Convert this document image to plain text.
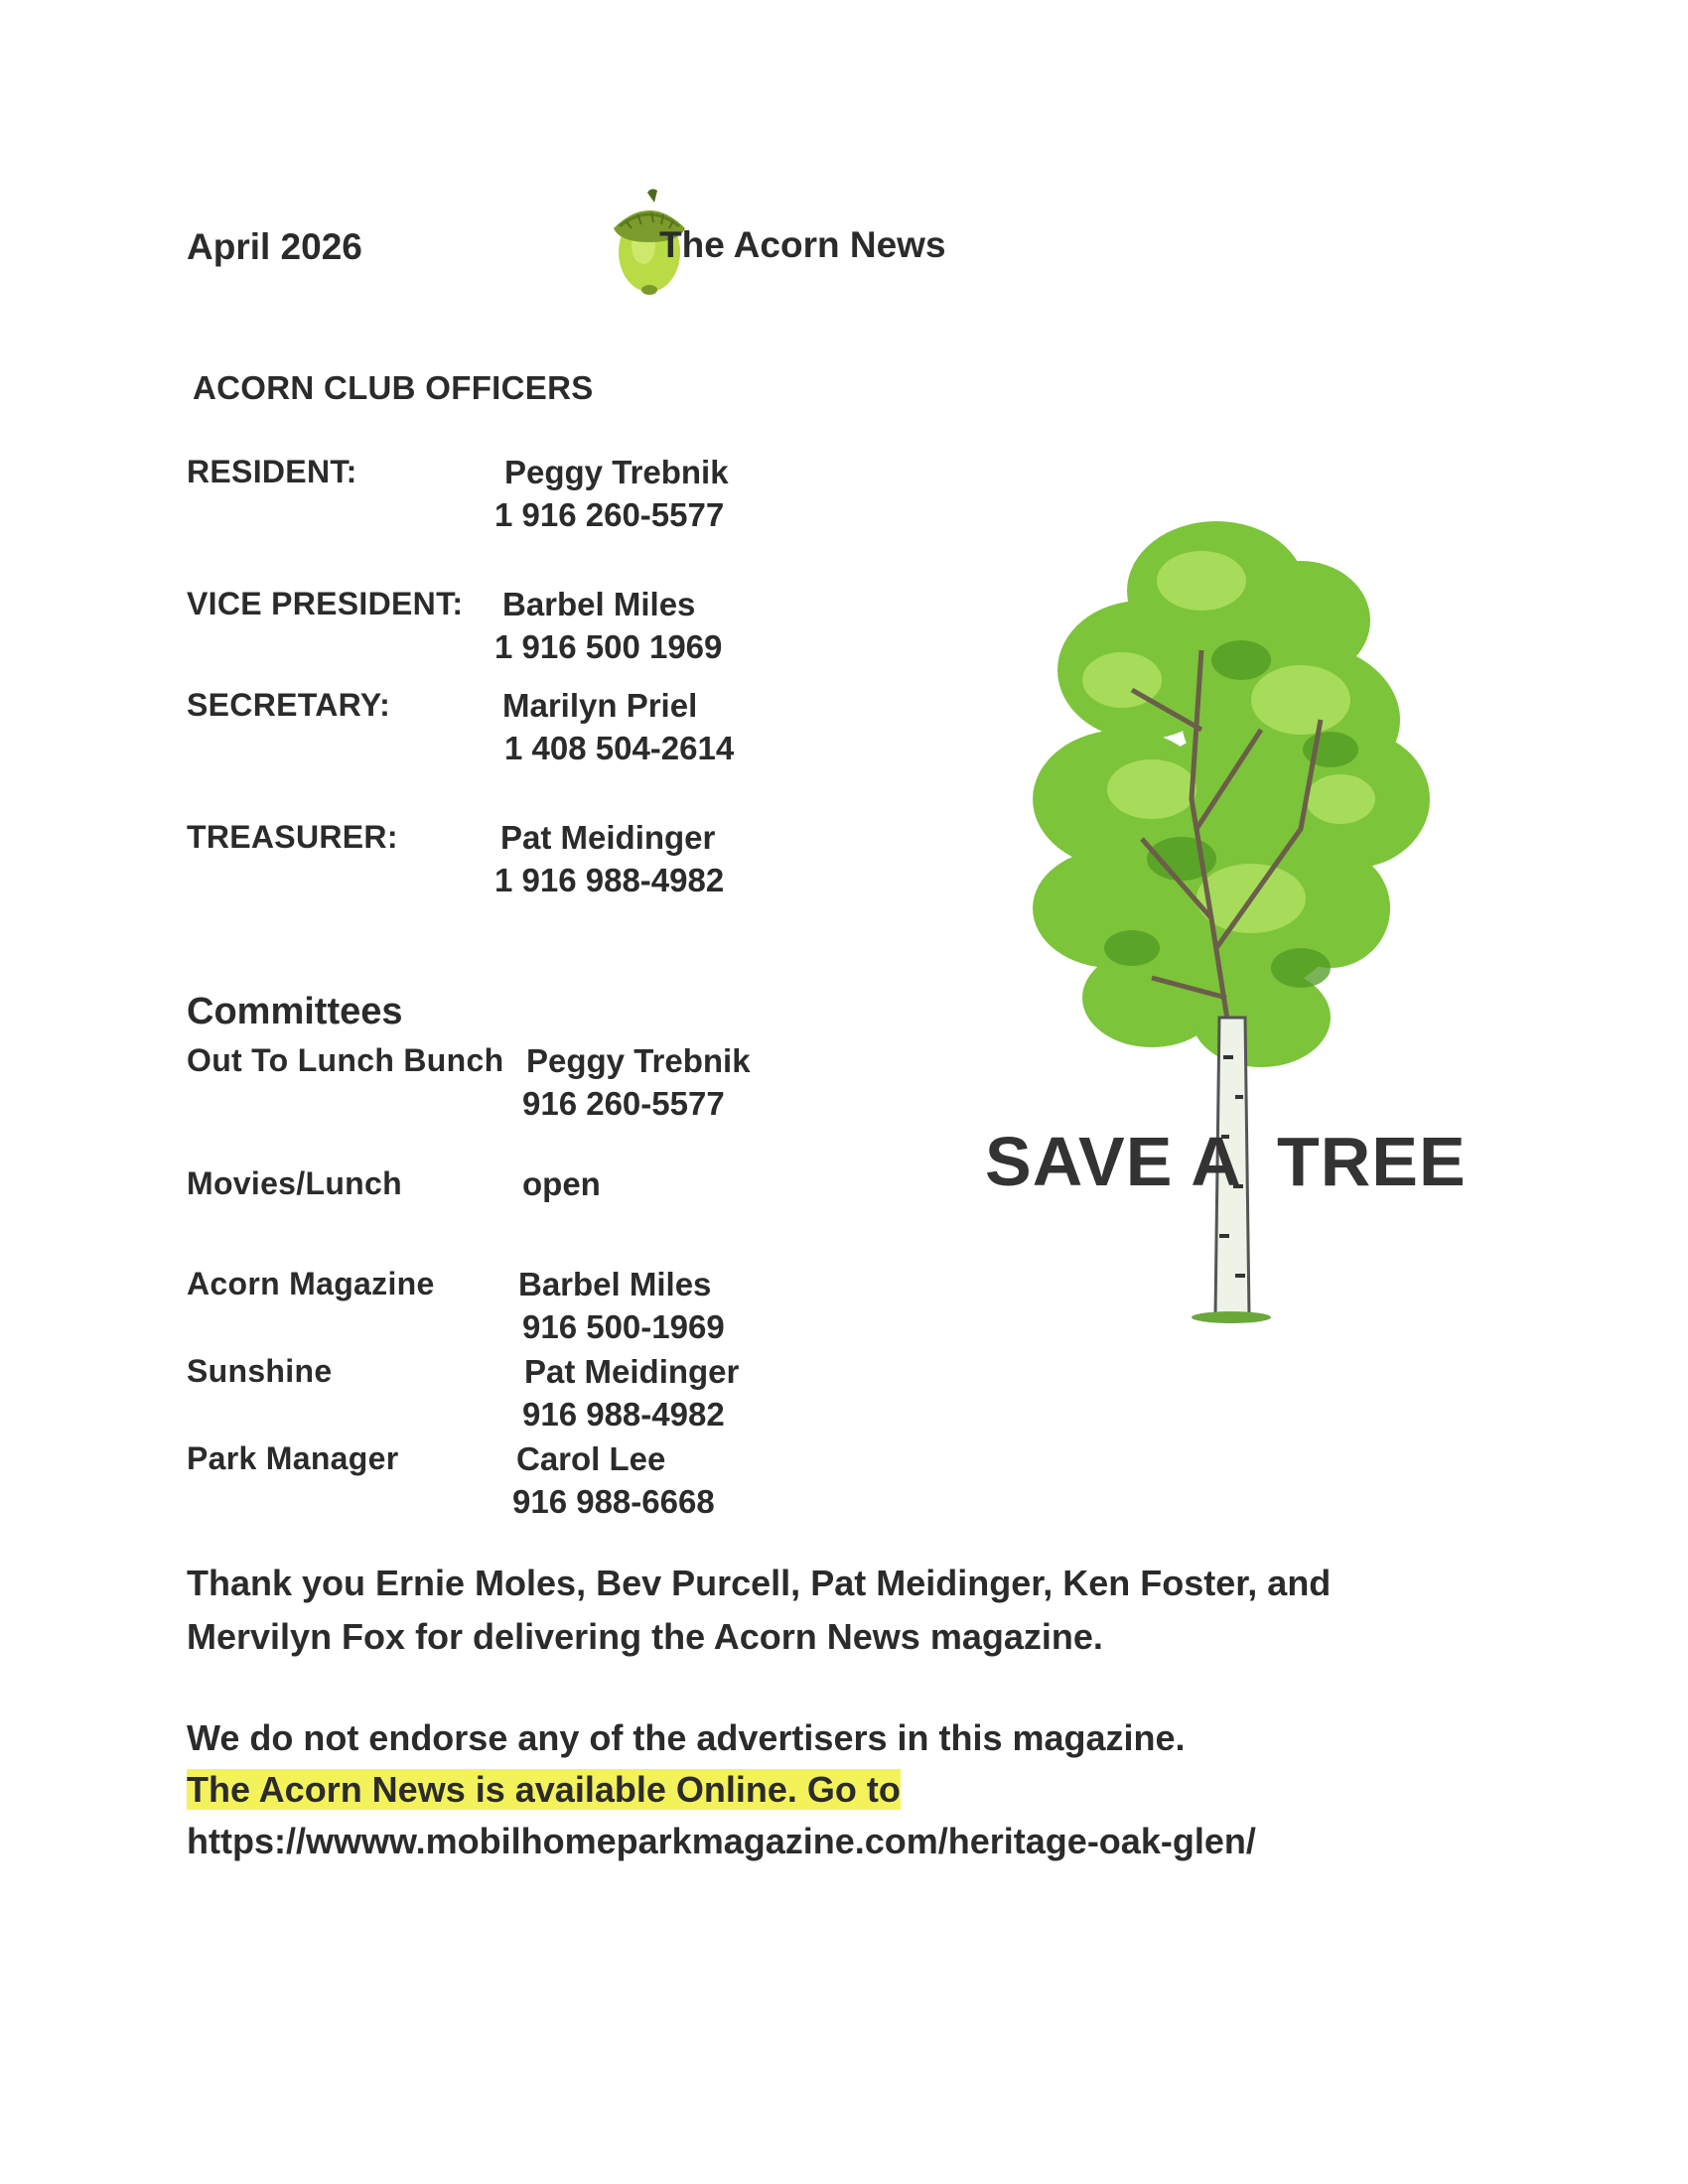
April 2026	The Acorn News
ACORN CLUB OFFICERS
RESIDENT:	Peggy Trebnik
1 916 260-5577
VICE PRESIDENT: Barbel Miles
1 916 500 1969
SECRETARY:	Marilyn Priel
1 408 504-2614
TREASURER:	Pat Meidinger
1 916 988-4982
Committees
Out To Lunch Bunch Peggy Trebnik
916 260-5577
Movies/Lunch	open
Acorn Magazine	Barbel Miles
916 500-1969
Sunshine	Pat Meidinger
916 988-4982
Park Manager	Carol Lee
916 988-6668
SAVE A TREE
Thank you Ernie Moles, Bev Purcell, Pat Meidinger, Ken Foster, and
Mervilyn Fox for delivering the Acorn News magazine.
We do not endorse any of the advertisers in this magazine.
The Acorn News is available Online. Go to
https://wwww.mobilhomeparkmagazine.com/heritage-oak-glen/
